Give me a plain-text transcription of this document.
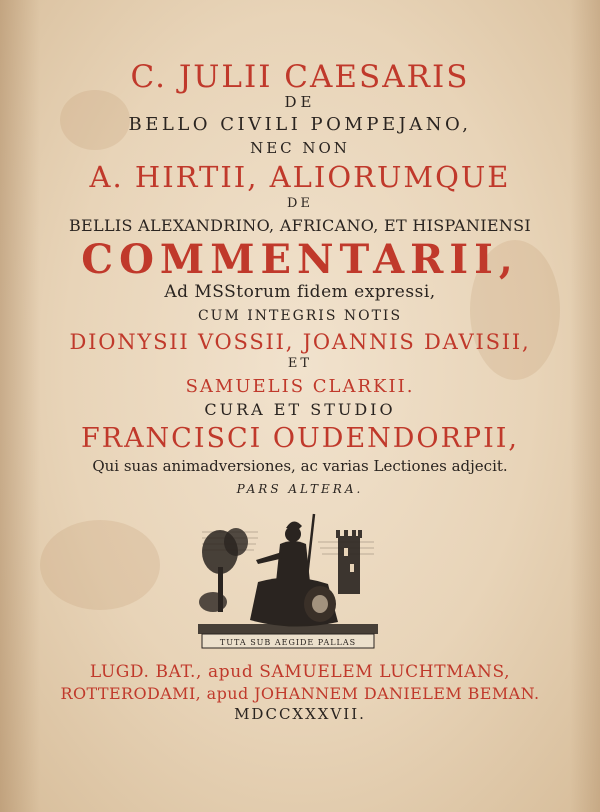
C. JULII CAESARIS
DE
BELLO CIVILI POMPEJANO,
NEC NON
A. HIRTII, ALIORUMQUE
DE
BELLIS ALEXANDRINO, AFRICANO, ET HISPANIENSI
COMMENTARII,
Ad MSStorum fidem expressi,
CUM INTEGRIS NOTIS
DIONYSII VOSSII, JOANNIS DAVISII,
ET
SAMUELIS CLARKII.
CURA ET STUDIO
FRANCISCI OUDENDORPII,
Qui suas animadversiones, ac varias Lectiones adjecit.
PARS ALTERA.
TUTA SUB AEGIDE PALLAS
LUGD. BAT., apud SAMUELEM LUCHTMANS,
ROTTERODAMI, apud JOHANNEM DANIELEM BEMAN.
MDCCXXXVII.
